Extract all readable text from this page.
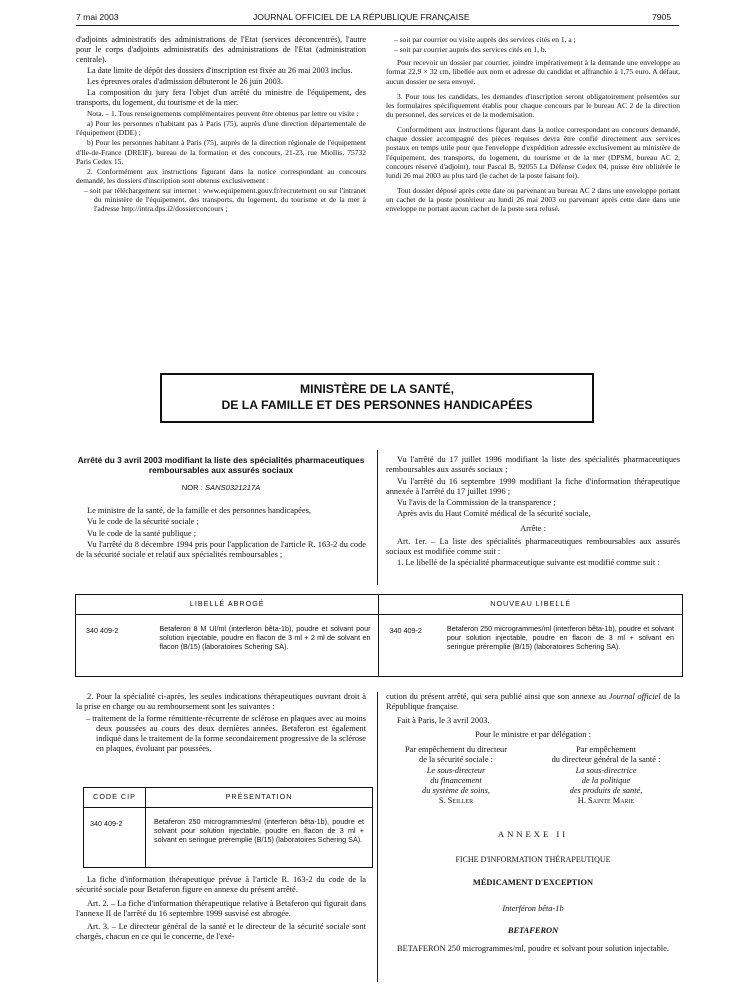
7 mai 2003	JOURNAL OFFICIEL DE LA RÉPUBLIQUE FRANÇAISE	7905

d'adjoints administratifs des administrations de l'Etat (services déconcentrés), l'autre pour le corps d'adjoints administratifs des administrations de l'Etat (administration centrale).

La date limite de dépôt des dossiers d'inscription est fixée au 26 mai 2003 inclus.

Les épreuves orales d'admission débuteront le 26 juin 2003.

La composition du jury fera l'objet d'un arrêté du ministre de l'équipement, des transports, du logement, du tourisme et de la mer.

Nota. – 1. Tous renseignements complémentaires peuvent être obtenus par lettre ou visite :

a) Pour les personnes n'habitant pas à Paris (75), auprès d'une direction départementale de l'équipement (DDE) ;

b) Pour les personnes habitant à Paris (75), auprès de la direction régionale de l'équipement d'Ile-de-France (DREIF), bureau de la formation et des concours, 21-23, rue Miollis, 75732 Paris Cedex 15.

2. Conformément aux instructions figurant dans la notice correspondant au concours demandé, les dossiers d'inscription sont obtenus exclusivement :

– soit par téléchargement sur internet : www.equipement.gouv.fr/recrutement ou sur l'intranet du ministère de l'équipement, des transports, du logement, du tourisme et de la mer à l'adresse http://intra.dps.i2/dossierconcours ;

– soit par courrier ou visite auprès des services cités en 1, a ;

– soit par courrier auprès des services cités en 1, b.

Pour recevoir un dossier par courrier, joindre impérativement à la demande une enveloppe au format 22,9 × 32 cm, libellée aux nom et adresse du candidat et affranchie à 1,75 euro. A défaut, aucun dossier ne sera envoyé.

3. Pour tous les candidats, les demandes d'inscription seront obligatoirement présentées sur les formulaires spécifiquement établis pour chaque concours par le bureau AC 2 de la direction du personnel, des services et de la modernisation.

Conformément aux instructions figurant dans la notice correspondant au concours demandé, chaque dossier accompagné des pièces requises devra être confié directement aux services postaux en temps utile pour que l'enveloppe d'expédition adressée exclusivement au ministère de l'équipement, des transports, du logement, du tourisme et de la mer (DPSM, bureau AC 2, concours réservé d'adjoint), tour Pascal B, 92055 La Défense Cedex 04, puisse être oblitérée le lundi 26 mai 2003 au plus tard (le cachet de la poste faisant foi).

Tout dossier déposé après cette date ou parvenant au bureau AC 2 dans une enveloppe portant un cachet de la poste postérieur au lundi 26 mai 2003 ou parvenant après cette date dans une enveloppe ne portant aucun cachet de la poste sera refusé.

MINISTÈRE DE LA SANTÉ,
DE LA FAMILLE ET DES PERSONNES HANDICAPÉES
Arrêté du 3 avril 2003 modifiant la liste des spécialités pharmaceutiques remboursables aux assurés sociaux
NOR : SANS0321217A

Le ministre de la santé, de la famille et des personnes handicapées,

Vu le code de la sécurité sociale ;

Vu le code de la santé publique ;

Vu l'arrêté du 8 décembre 1994 pris pour l'application de l'article R. 163-2 du code de la sécurité sociale et relatif aux spécialités remboursables ;

Vu l'arrêté du 17 juillet 1996 modifiant la liste des spécialités pharmaceutiques remboursables aux assurés sociaux ;

Vu l'arrêté du 16 septembre 1999 modifiant la fiche d'information thérapeutique annexée à l'arrêté du 17 juillet 1996 ;

Vu l'avis de la Commission de la transparence ;

Après avis du Haut Comité médical de la sécurité sociale,

Arrête :

Art. 1er. – La liste des spécialités pharmaceutiques remboursables aux assurés sociaux est modifiée comme suit :

1. Le libellé de la spécialité pharmaceutique suivante est modifié comme suit :

LIBELLÉ ABROGÉ		NOUVEAU LIBELLÉ	
340 409-2	Betaferon 8 M UI/ml (interferon bêta-1b), poudre et solvant pour solution injectable, poudre en flacon de 3 ml + 2 ml de solvant en flacon (B/15) (laboratoires Schering SA).	340 409-2	Betaferon 250 microgrammes/ml (interferon bêta-1b), poudre et solvant pour solution injectable, poudre en flacon de 3 ml + solvant en seringue préremplie (B/15) (laboratoires Schering SA).

2. Pour la spécialité ci-après, les seules indications thérapeutiques ouvrant droit à la prise en charge ou au remboursement sont les suivantes :

– traitement de la forme rémittente-récurrente de sclérose en plaques avec au moins deux poussées au cours des deux dernières années. Betaferon est également indiqué dans le traitement de la forme secondairement progressive de la sclérose en plaques, évoluant par poussées.

CODE CIP	PRÉSENTATION
340 409-2	Betaferon 250 microgrammes/ml (interferon bêta-1b), poudre et solvant pour solution injectable, poudre en flacon de 3 ml + solvant en seringue préremplie (B/15) (laboratoires Schering SA).

La fiche d'information thérapeutique prévue à l'article R. 163-2 du code de la sécurité sociale pour Betaferon figure en annexe du présent arrêté.

Art. 2. – La fiche d'information thérapeutique relative à Betaferon qui figurait dans l'annexe II de l'arrêté du 16 septembre 1999 susvisé est abrogée.

Art. 3. – Le directeur général de la santé et le directeur de la sécurité sociale sont chargés, chacun en ce qui le concerne, de l'exé-

cution du présent arrêté, qui sera publié ainsi que son annexe au Journal officiel de la République française.

Fait à Paris, le 3 avril 2003.

Pour le ministre et par délégation :

Par empêchement du directeur
de la sécurité sociale :
Le sous-directeur
du financement
du système de soins,
S. Seiller
Par empêchement
du directeur général de la santé :
La sous-directrice
de la politique
des produits de santé,
H. Sainte Marie
ANNEXE II
FICHE D'INFORMATION THÉRAPEUTIQUE
MÉDICAMENT D'EXCEPTION
Interféron bêta-1b
BETAFERON
BETAFERON 250 microgrammes/ml, poudre et solvant pour solution injectable.
